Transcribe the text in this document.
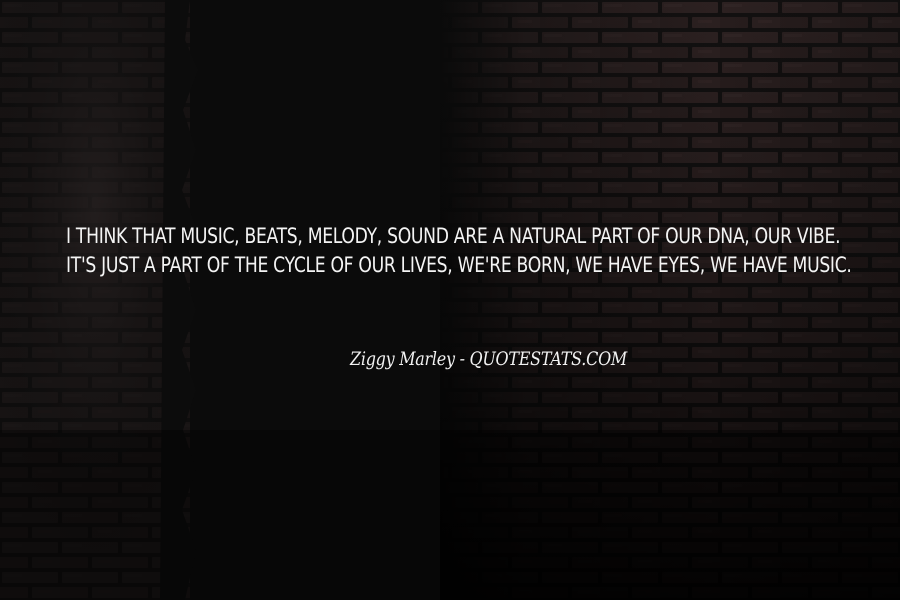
I THINK THAT MUSIC, BEATS, MELODY, SOUND ARE A NATURAL PART OF OUR DNA, OUR VIBE.
IT'S JUST A PART OF THE CYCLE OF OUR LIVES, WE'RE BORN, WE HAVE EYES, WE HAVE MUSIC.

Ziggy Marley - QUOTESTATS.COM
